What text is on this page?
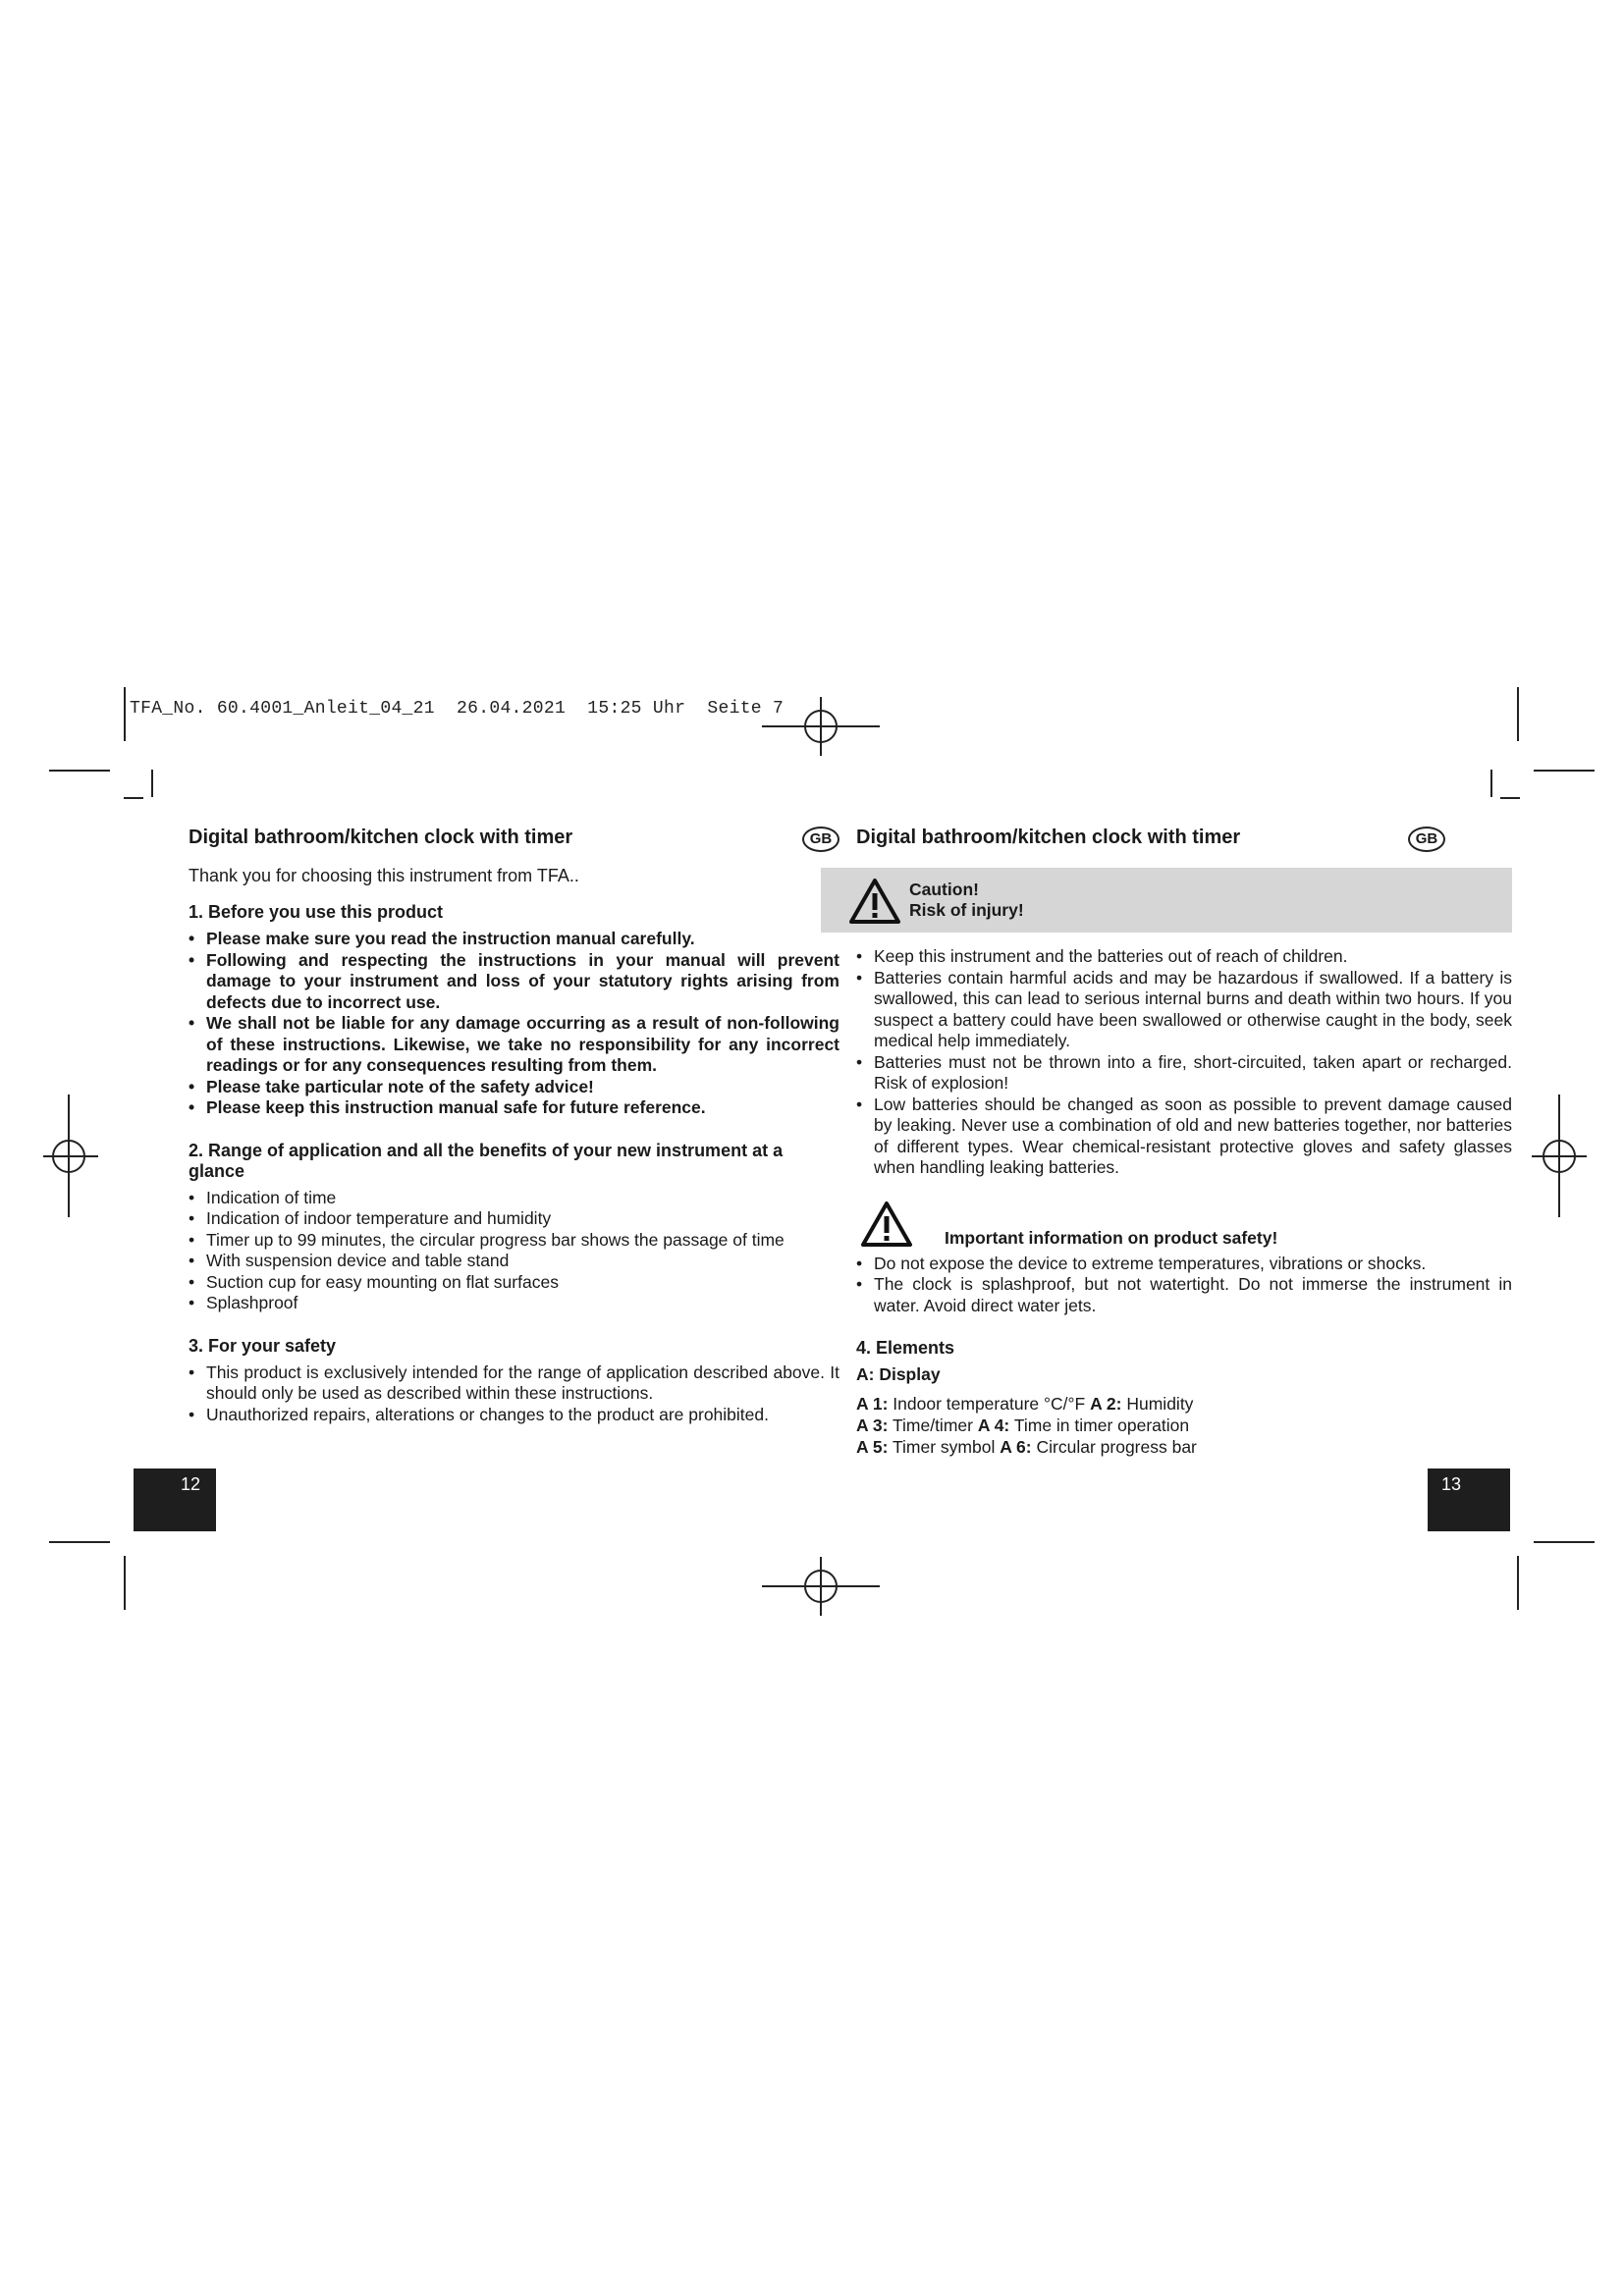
TFA_No. 60.4001_Anleit_04_21  26.04.2021  15:25 Uhr  Seite 7
Digital bathroom/kitchen clock with timer	GB

Thank you for choosing this instrument from TFA..

1. Before you use this product
• Please make sure you read the instruction manual carefully.
• Following and respecting the instructions in your manual will prevent damage to your instrument and loss of your statutory rights arising from defects due to incorrect use.
• We shall not be liable for any damage occurring as a result of non-following of these instructions. Likewise, we take no responsibility for any incorrect readings or for any consequences resulting from them.
• Please take particular note of the safety advice!
• Please keep this instruction manual safe for future reference.
2. Range of application and all the benefits of your new instrument at a glance
• Indication of time
• Indication of indoor temperature and humidity
• Timer up to 99 minutes, the circular progress bar shows the passage of time
• With suspension device and table stand
• Suction cup for easy mounting on flat surfaces
• Splashproof
3. For your safety
• This product is exclusively intended for the range of application described above. It should only be used as described within these instructions.
• Unauthorized repairs, alterations or changes to the product are prohibited.
12
Digital bathroom/kitchen clock with timer	GB
Caution!
Risk of injury!
• Keep this instrument and the batteries out of reach of children.
• Batteries contain harmful acids and may be hazardous if swallowed. If a battery is swallowed, this can lead to serious internal burns and death within two hours. If you suspect a battery could have been swallowed or otherwise caught in the body, seek medical help immediately.
• Batteries must not be thrown into a fire, short-circuited, taken apart or recharged. Risk of explosion!
• Low batteries should be changed as soon as possible to prevent damage caused by leaking. Never use a combination of old and new batteries together, nor batteries of different types. Wear chemical-resistant protective gloves and safety glasses when handling leaking batteries.
Important information on product safety!
• Do not expose the device to extreme temperatures, vibrations or shocks.
• The clock is splashproof, but not watertight. Do not immerse the instrument in water. Avoid direct water jets.
4. Elements
A: Display
A 1: Indoor temperature °C/°F A 2: Humidity
A 3: Time/timer A 4: Time in timer operation
A 5: Timer symbol A 6: Circular progress bar
13
